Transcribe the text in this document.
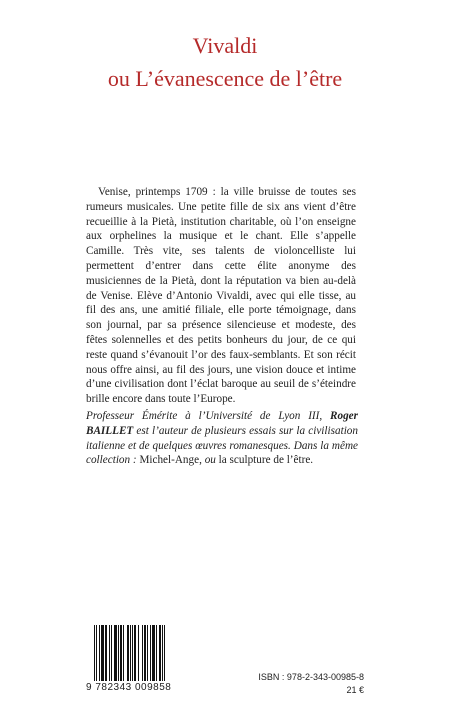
Vivaldi
ou L’évanescence de l’être

Venise, printemps 1709 : la ville bruisse de toutes ses rumeurs musicales. Une petite fille de six ans vient d’être recueillie à la Pietà, institution charitable, où l’on enseigne aux orphelines la musique et le chant. Elle s’appelle Camille. Très vite, ses talents de violoncelliste lui permettent d’entrer dans cette élite anonyme des musiciennes de la Pietà, dont la réputation va bien au-delà de Venise. Elève d’Antonio Vivaldi, avec qui elle tisse, au fil des ans, une amitié filiale, elle porte témoignage, dans son journal, par sa présence silencieuse et modeste, des fêtes solennelles et des petits bonheurs du jour, de ce qui reste quand s’évanouit l’or des faux-semblants. Et son récit nous offre ainsi, au fil des jours, une vision douce et intime d’une civilisation dont l’éclat baroque au seuil de s’éteindre brille encore dans toute l’Europe.

Professeur Émérite à l’Université de Lyon III, Roger BAILLET est l’auteur de plusieurs essais sur la civilisation italienne et de quelques œuvres romanesques. Dans la même collection : Michel-Ange, ou la sculpture de l’être.

9 782343 009858
ISBN : 978-2-343-00985-8
21 €
